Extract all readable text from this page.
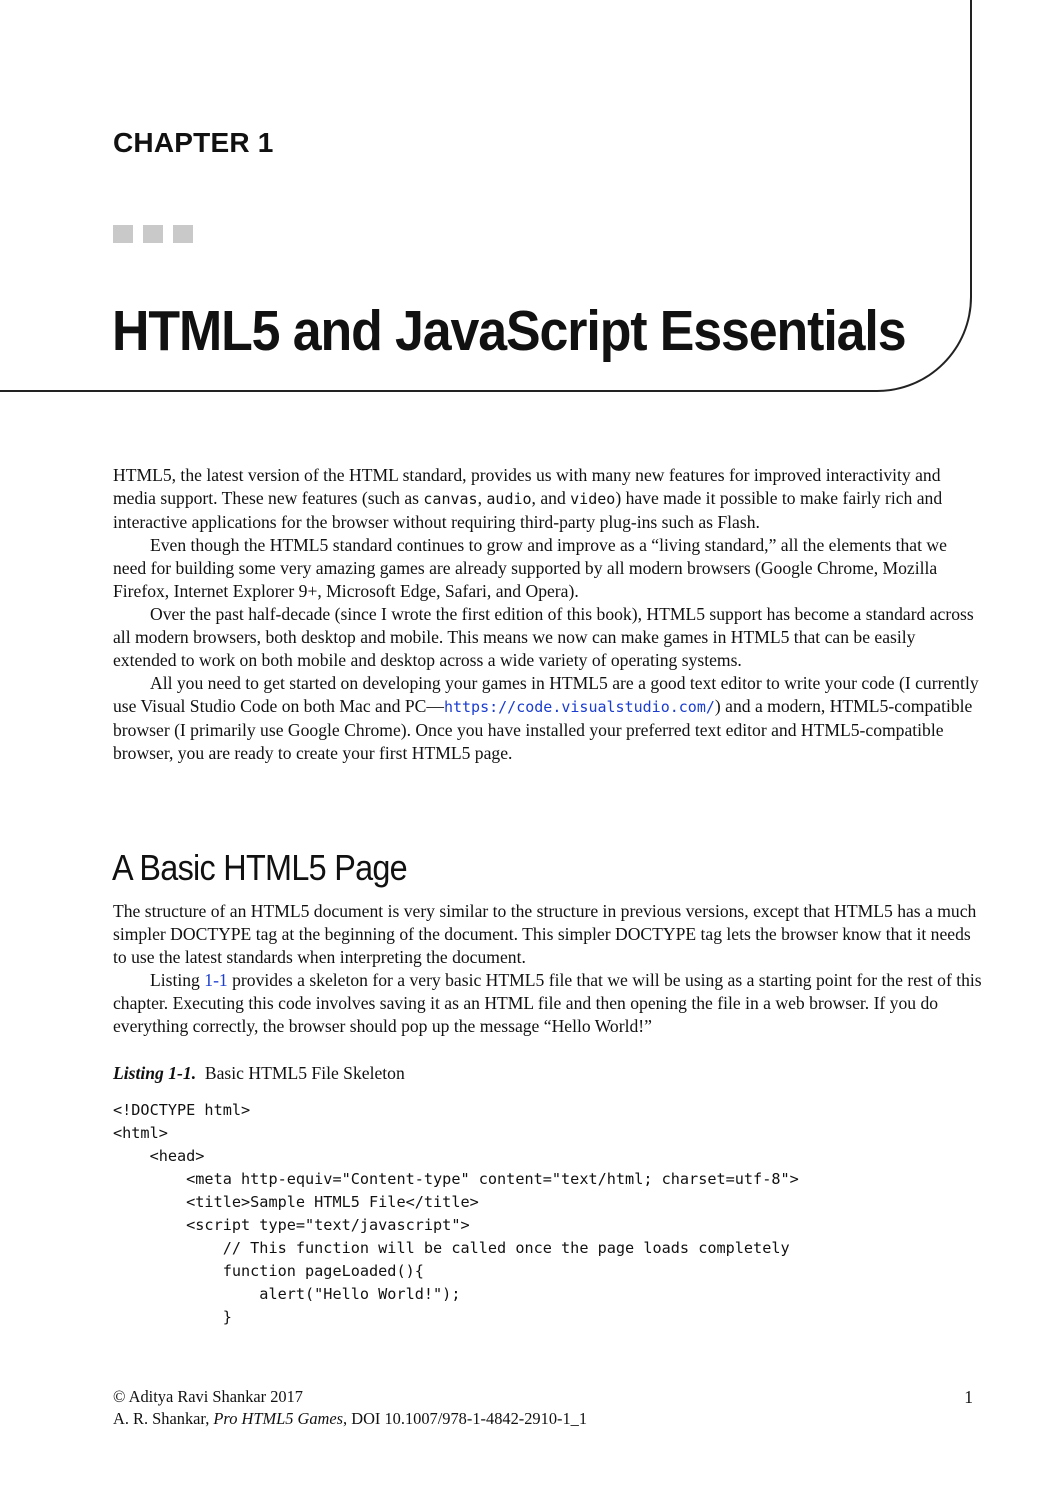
CHAPTER 1
HTML5 and JavaScript Essentials

HTML5, the latest version of the HTML standard, provides us with many new features for improved interactivity and media support. These new features (such as canvas, audio, and video) have made it possible to make fairly rich and interactive applications for the browser without requiring third-party plug-ins such as Flash.

Even though the HTML5 standard continues to grow and improve as a “living standard,” all the elements that we need for building some very amazing games are already supported by all modern browsers (Google Chrome, Mozilla Firefox, Internet Explorer 9+, Microsoft Edge, Safari, and Opera).

Over the past half-decade (since I wrote the first edition of this book), HTML5 support has become a standard across all modern browsers, both desktop and mobile. This means we now can make games in HTML5 that can be easily extended to work on both mobile and desktop across a wide variety of operating systems.

All you need to get started on developing your games in HTML5 are a good text editor to write your code (I currently use Visual Studio Code on both Mac and PC—https://code.visualstudio.com/) and a modern, HTML5-compatible browser (I primarily use Google Chrome). Once you have installed your preferred text editor and HTML5-compatible browser, you are ready to create your first HTML5 page.

A Basic HTML5 Page

The structure of an HTML5 document is very similar to the structure in previous versions, except that HTML5 has a much simpler DOCTYPE tag at the beginning of the document. This simpler DOCTYPE tag lets the browser know that it needs to use the latest standards when interpreting the document.

Listing 1-1 provides a skeleton for a very basic HTML5 file that we will be using as a starting point for the rest of this chapter. Executing this code involves saving it as an HTML file and then opening the file in a web browser. If you do everything correctly, the browser should pop up the message “Hello World!”

Listing 1-1. Basic HTML5 File Skeleton
<!DOCTYPE html>
<html>
<head>
<meta http-equiv="Content-type" content="text/html; charset=utf-8">
<title>Sample HTML5 File</title>
<script type="text/javascript">
// This function will be called once the page loads completely
function pageLoaded(){
alert("Hello World!");
}
© Aditya Ravi Shankar 2017
A. R. Shankar, Pro HTML5 Games, DOI 10.1007/978-1-4842-2910-1_1
1
